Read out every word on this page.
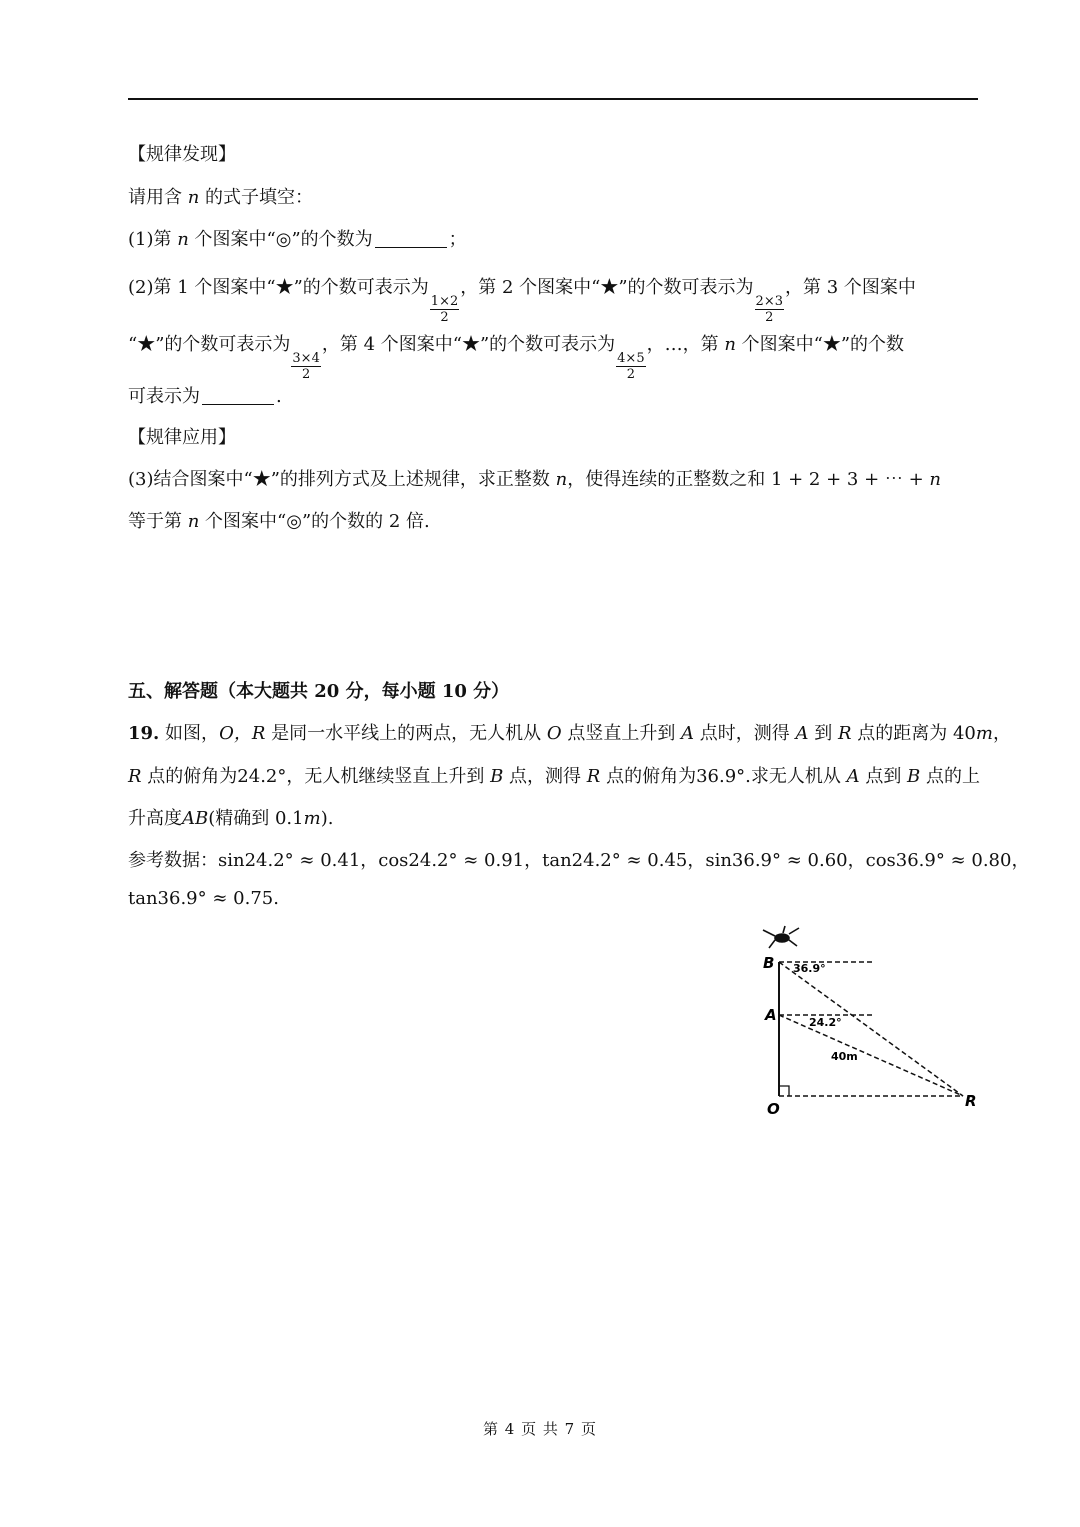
【规律发现】
请用含 n 的式子填空：
(1)第 n 个图案中“◎”的个数为	；
(2)第 1 个图案中“★”的个数可表示为
$\frac{1\times 2}{2}$
，第 2 个图案中“★”的个数可表示为
$\frac{2\times 3}{2}$
，第 3 个图案中
“★”的个数可表示为
$\frac{3\times 4}{2}$
，第 4 个图案中“★”的个数可表示为
$\frac{4\times 5}{2}$
，…，第 n 个图案中“★”的个数
可表示为	.
【规律应用】
(3)结合图案中“★”的排列方式及上述规律，求正整数 n，使得连续的正整数之和 1 + 2 + 3 + ⋯ + n
等于第 n 个图案中“◎”的个数的 2 倍.
五、解答题（本大题共 20 分，每小题 10 分）
19. 如图，O，R 是同一水平线上的两点，无人机从 O 点竖直上升到 A 点时，测得 A 到 R 点的距离为 40m，
R 点的俯角为24.2°，无人机继续竖直上升到 B 点，测得 R 点的俯角为36.9°.求无人机从 A 点到 B 点的上
升高度AB(精确到 0.1m).
参考数据：sin24.2° ≈ 0.41，cos24.2° ≈ 0.91，tan24.2° ≈ 0.45，sin36.9° ≈ 0.60，cos36.9° ≈ 0.80，
tan36.9° ≈ 0.75.
B
A
O	R
36.9°
24.2°
40m
第 4 页 共 7 页
